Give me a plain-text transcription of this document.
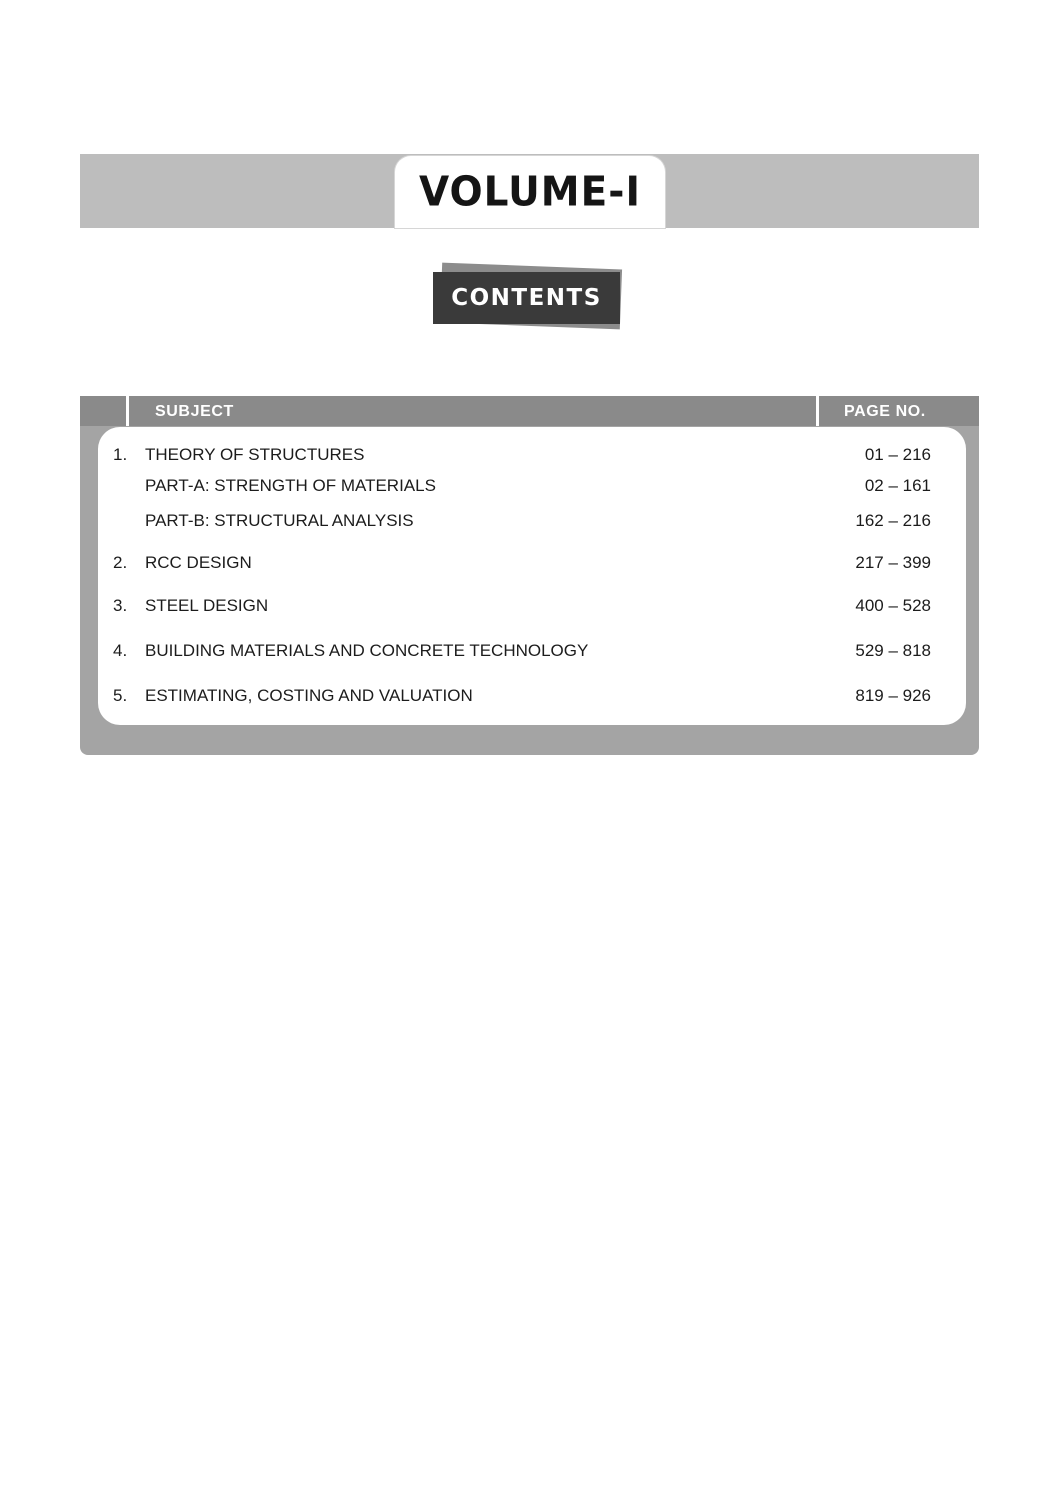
VOLUME-I
CONTENTS
SUBJECT	PAGE NO.
1. THEORY OF STRUCTURES	01 – 216
PART-A: STRENGTH OF MATERIALS	02 – 161
PART-B: STRUCTURAL ANALYSIS	162 – 216
2. RCC DESIGN	217 – 399
3. STEEL DESIGN	400 – 528
4. BUILDING MATERIALS AND CONCRETE TECHNOLOGY	529 – 818
5. ESTIMATING, COSTING AND VALUATION	819 – 926
